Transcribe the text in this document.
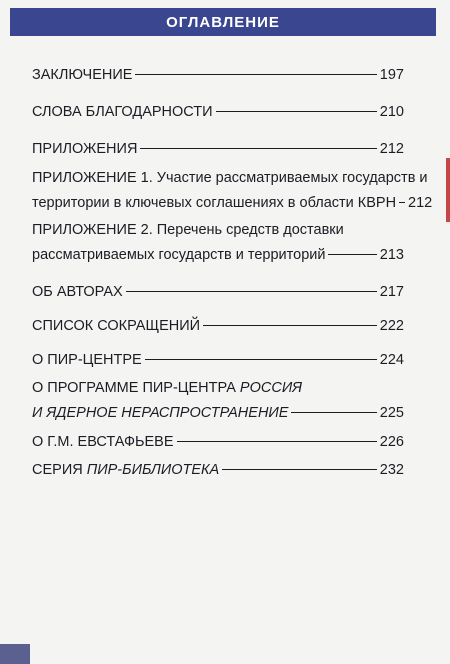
ОГЛАВЛЕНИЕ
ЗАКЛЮЧЕНИЕ	197
СЛОВА БЛАГОДАРНОСТИ	210
ПРИЛОЖЕНИЯ	212
ПРИЛОЖЕНИЕ 1. Участие рассматриваемых государств и
территории в ключевых соглашениях в области КВРН 212
ПРИЛОЖЕНИЕ 2. Перечень средств доставки
рассматриваемых государств и территорий	213
ОБ АВТОРАХ	217
СПИСОК СОКРАЩЕНИЙ	222
О ПИР-ЦЕНТРЕ	224
О ПРОГРАММЕ ПИР-ЦЕНТРА
РОССИЯ
И ЯДЕРНОЕ НЕРАСПРОСТРАНЕНИЕ	225
О Г.М. ЕВСТАФЬЕВЕ	226
СЕРИЯ
ПИР-БИБЛИОТЕКА	232
